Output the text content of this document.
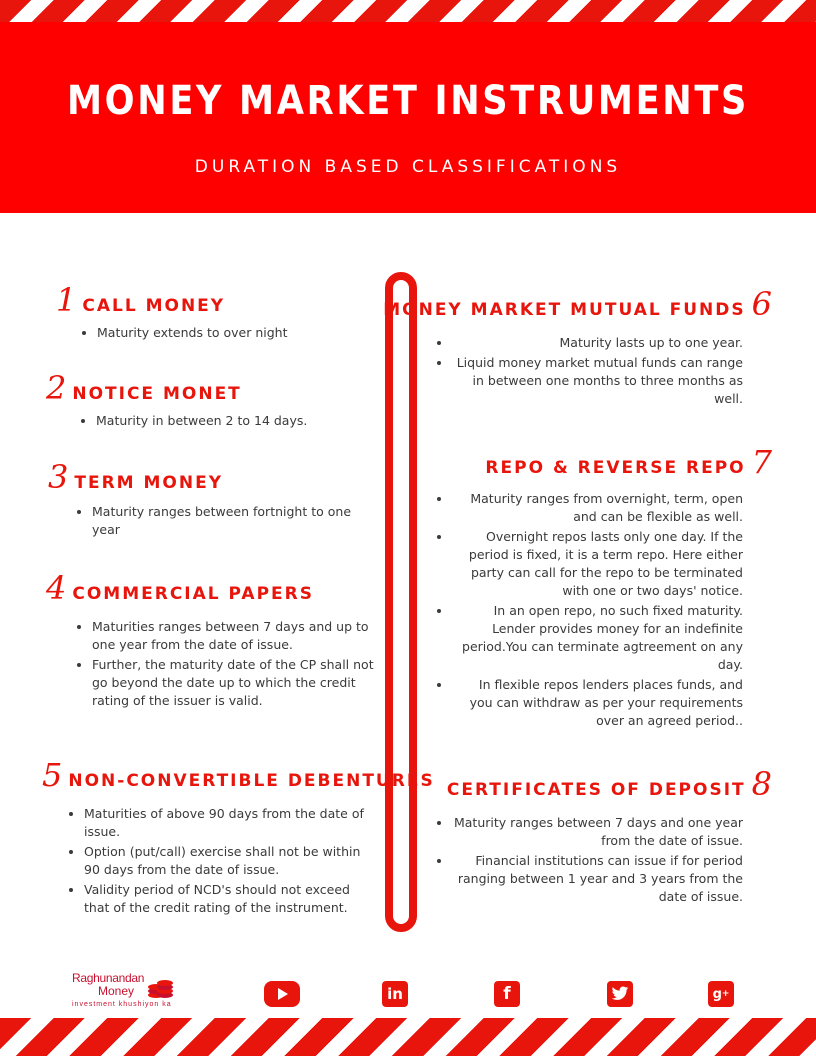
MONEY MARKET INSTRUMENTS
DURATION BASED CLASSIFICATIONS
1 CALL MONEY
• Maturity extends to over night
2 NOTICE MONET
• Maturity in between 2 to 14 days.
3 TERM MONEY
• Maturity ranges between fortnight to one year
4 COMMERCIAL PAPERS
• Maturities ranges between 7 days and up to one year from the date of issue.
• Further, the maturity date of the CP shall not go beyond the date up to which the credit rating of the issuer is valid.
5 NON-CONVERTIBLE DEBENTURES
• Maturities of above 90 days from the date of issue.
• Option (put/call) exercise shall not be within 90 days from the date of issue.
• Validity period of NCD's should not exceed that of the credit rating of the instrument.
MONEY MARKET MUTUAL FUNDS 6
• Maturity lasts up to one year.
• Liquid money market mutual funds can range in between one months to three months as well.
REPO & REVERSE REPO 7
• Maturity ranges from overnight, term, open and can be flexible as well.
• Overnight repos lasts only one day. If the period is fixed, it is a term repo. Here either party can call for the repo to be terminated with one or two days' notice.
• In an open repo, no such fixed maturity. Lender provides money for an indefinite period.You can terminate agtreement on any day.
• In flexible repos lenders places funds, and you can withdraw as per your requirements over an agreed period..
CERTIFICATES OF DEPOSIT 8
• Maturity ranges between 7 days and one year from the date of issue.
• Financial institutions can issue if for period ranging between 1 year and 3 years from the date of issue.
Raghunandan
Money
investment khushiyon ka
in	f	g +
